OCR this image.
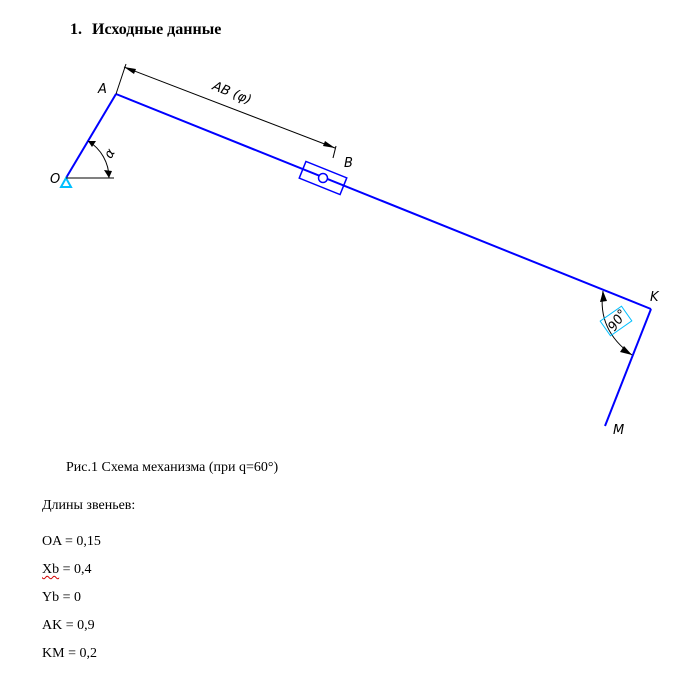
1. Исходные данные
A
B
O
K
M
AB (φ)
α
90°
Рис.1 Схема механизма (при q=60°)
Длины звеньев:
OA = 0,15
Xb = 0,4
Yb = 0
AK = 0,9
KM = 0,2
